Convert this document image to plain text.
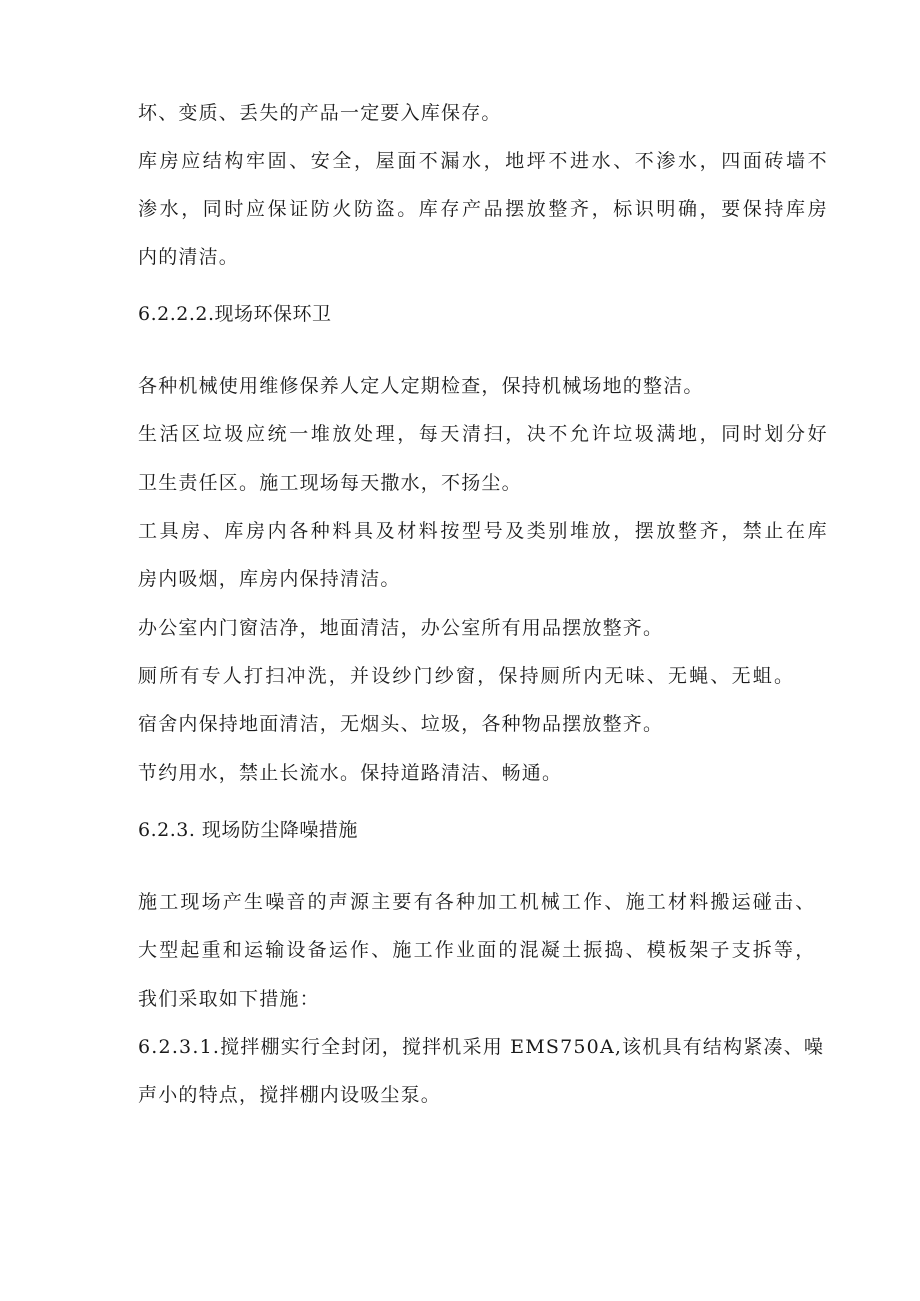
坏、变质、丢失的产品一定要入库保存。
库房应结构牢固、安全，屋面不漏水，地坪不进水、不渗水，四面砖墙不
渗水，同时应保证防火防盗。库存产品摆放整齐，标识明确，要保持库房
内的清洁。
6.2.2.2.现场环保环卫
各种机械使用维修保养人定人定期检查，保持机械场地的整洁。
生活区垃圾应统一堆放处理，每天清扫，决不允许垃圾满地，同时划分好
卫生责任区。施工现场每天撒水，不扬尘。
工具房、库房内各种料具及材料按型号及类别堆放，摆放整齐，禁止在库
房内吸烟，库房内保持清洁。
办公室内门窗洁净，地面清洁，办公室所有用品摆放整齐。
厕所有专人打扫冲洗，并设纱门纱窗，保持厕所内无味、无蝇、无蛆。
宿舍内保持地面清洁，无烟头、垃圾，各种物品摆放整齐。
节约用水，禁止长流水。保持道路清洁、畅通。
6.2.3. 现场防尘降噪措施
施工现场产生噪音的声源主要有各种加工机械工作、施工材料搬运碰击、
大型起重和运输设备运作、施工作业面的混凝土振捣、模板架子支拆等，
我们采取如下措施：
6.2.3.1.搅拌棚实行全封闭，搅拌机采用 EMS750A,该机具有结构紧凑、噪
声小的特点，搅拌棚内设吸尘泵。
